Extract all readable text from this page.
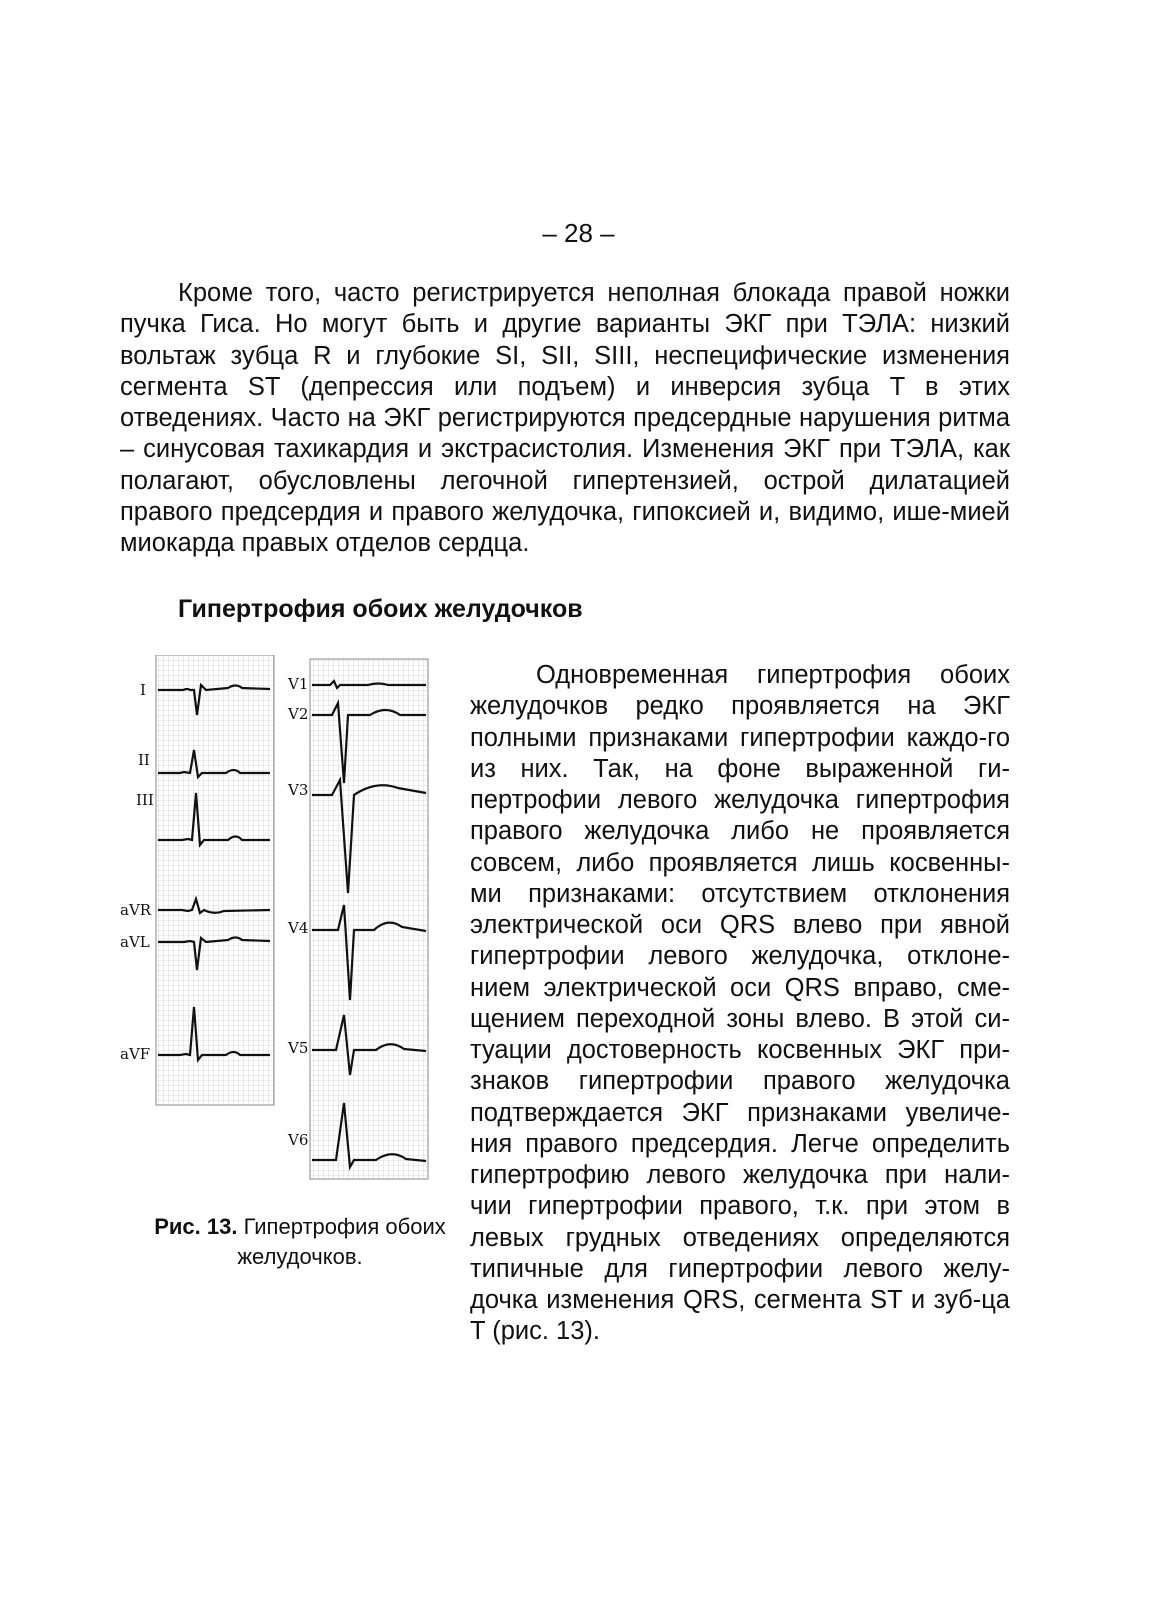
– 28 –

Кроме того, часто регистрируется неполная блокада правой ножки пучка Гиса. Но могут быть и другие варианты ЭКГ при ТЭЛА: низкий вольтаж зубца R и глубокие SI, SII, SIII, неспецифические изменения сегмента ST (депрессия или подъем) и инверсия зубца T в этих отведениях. Часто на ЭКГ регистрируются предсердные нарушения ритма – синусовая тахикардия и экстрасистолия. Изменения ЭКГ при ТЭЛА, как полагают, обусловлены легочной гипертензией, острой дилатацией правого предсердия и правого желудочка, гипоксией и, видимо, ише-мией миокарда правых отделов сердца.

Гипертрофия обоих желудочков
I
II
III
aVR
aVL
aVF
V1
V2
V3
V4
V5
V6

Рис. 13. Гипертрофия обоих желудочков.

Одновременная гипертрофия обоих желудочков редко проявляется на ЭКГ полными признаками гипертрофии каждо-го из них. Так, на фоне выраженной ги-пертрофии левого желудочка гипертрофия правого желудочка либо не проявляется совсем, либо проявляется лишь косвенны-ми признаками: отсутствием отклонения электрической оси QRS влево при явной гипертрофии левого желудочка, отклоне-нием электрической оси QRS вправо, сме-щением переходной зоны влево. В этой си-туации достоверность косвенных ЭКГ при-знаков гипертрофии правого желудочка подтверждается ЭКГ признаками увеличе-ния правого предсердия. Легче определить гипертрофию левого желудочка при нали-чии гипертрофии правого, т.к. при этом в левых грудных отведениях определяются типичные для гипертрофии левого желу-дочка изменения QRS, сегмента ST и зуб-ца T (рис. 13).
